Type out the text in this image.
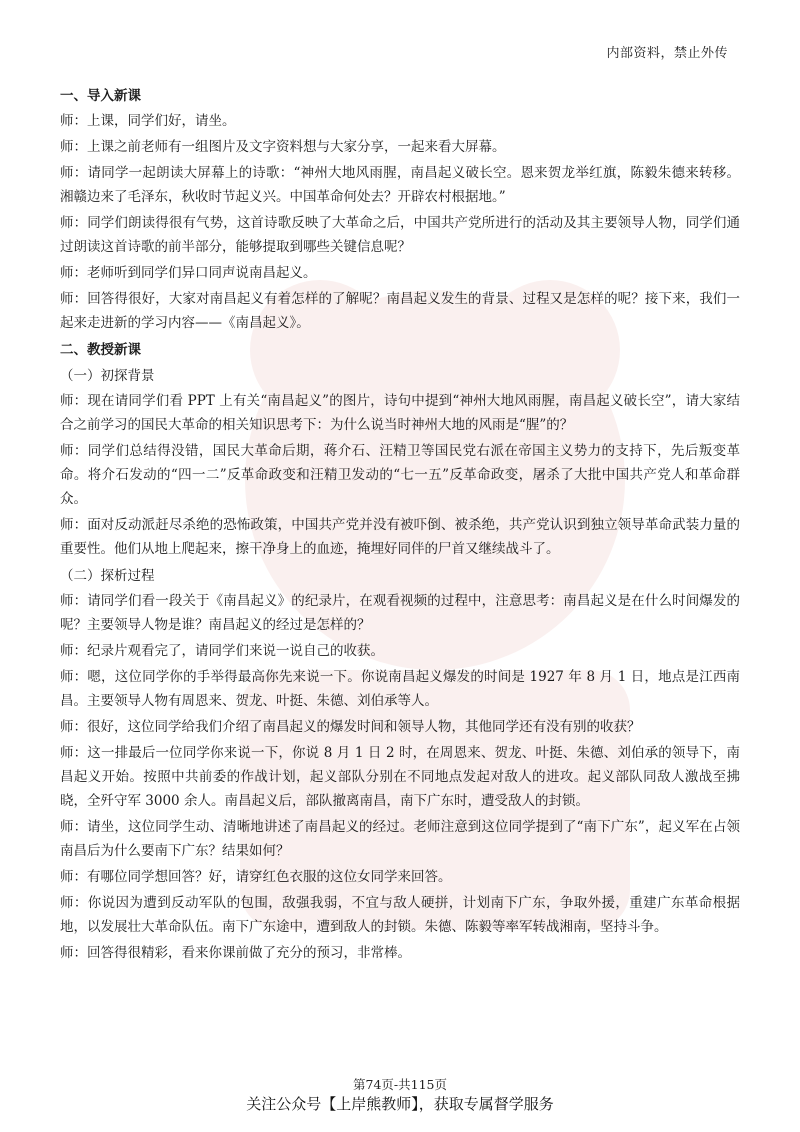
内部资料，禁止外传
一、导入新课

师：上课，同学们好，请坐。

师：上课之前老师有一组图片及文字资料想与大家分享，一起来看大屏幕。

师：请同学一起朗读大屏幕上的诗歌：“神州大地风雨腥，南昌起义破长空。恩来贺龙举红旗，陈毅朱德来转移。湘赣边来了毛泽东，秋收时节起义兴。中国革命何处去？开辟农村根据地。”

师：同学们朗读得很有气势，这首诗歌反映了大革命之后，中国共产党所进行的活动及其主要领导人物，同学们通过朗读这首诗歌的前半部分，能够提取到哪些关键信息呢？

师：老师听到同学们异口同声说南昌起义。

师：回答得很好，大家对南昌起义有着怎样的了解呢？南昌起义发生的背景、过程又是怎样的呢？接下来，我们一起来走进新的学习内容——《南昌起义》。

二、教授新课
（一）初探背景

师：现在请同学们看 PPT 上有关“南昌起义”的图片，诗句中提到“神州大地风雨腥，南昌起义破长空”，请大家结合之前学习的国民大革命的相关知识思考下：为什么说当时神州大地的风雨是“腥”的？

师：同学们总结得没错，国民大革命后期，蒋介石、汪精卫等国民党右派在帝国主义势力的支持下，先后叛变革命。将介石发动的“四一二”反革命政变和汪精卫发动的“七一五”反革命政变，屠杀了大批中国共产党人和革命群众。

师：面对反动派赶尽杀绝的恐怖政策，中国共产党并没有被吓倒、被杀绝，共产党认识到独立领导革命武装力量的重要性。他们从地上爬起来，擦干净身上的血迹，掩埋好同伴的尸首又继续战斗了。

（二）探析过程

师：请同学们看一段关于《南昌起义》的纪录片，在观看视频的过程中，注意思考：南昌起义是在什么时间爆发的呢？主要领导人物是谁？南昌起义的经过是怎样的？

师：纪录片观看完了，请同学们来说一说自己的收获。

师：嗯，这位同学你的手举得最高你先来说一下。你说南昌起义爆发的时间是 1927 年 8 月 1 日，地点是江西南昌。主要领导人物有周恩来、贺龙、叶挺、朱德、刘伯承等人。

师：很好，这位同学给我们介绍了南昌起义的爆发时间和领导人物，其他同学还有没有别的收获？

师：这一排最后一位同学你来说一下，你说 8 月 1 日 2 时，在周恩来、贺龙、叶挺、朱德、刘伯承的领导下，南昌起义开始。按照中共前委的作战计划，起义部队分别在不同地点发起对敌人的进攻。起义部队同敌人激战至拂晓，全歼守军 3000 余人。南昌起义后，部队撤离南昌，南下广东时，遭受敌人的封锁。

师：请坐，这位同学生动、清晰地讲述了南昌起义的经过。老师注意到这位同学提到了“南下广东”，起义军在占领南昌后为什么要南下广东？结果如何？

师：有哪位同学想回答？好，请穿红色衣服的这位女同学来回答。

师：你说因为遭到反动军队的包围，敌强我弱，不宜与敌人硬拼，计划南下广东，争取外援，重建广东革命根据地，以发展壮大革命队伍。南下广东途中，遭到敌人的封锁。朱德、陈毅等率军转战湘南，坚持斗争。

师：回答得很精彩，看来你课前做了充分的预习，非常棒。

第74页-共115页
关注公众号【上岸熊教师】，获取专属督学服务
